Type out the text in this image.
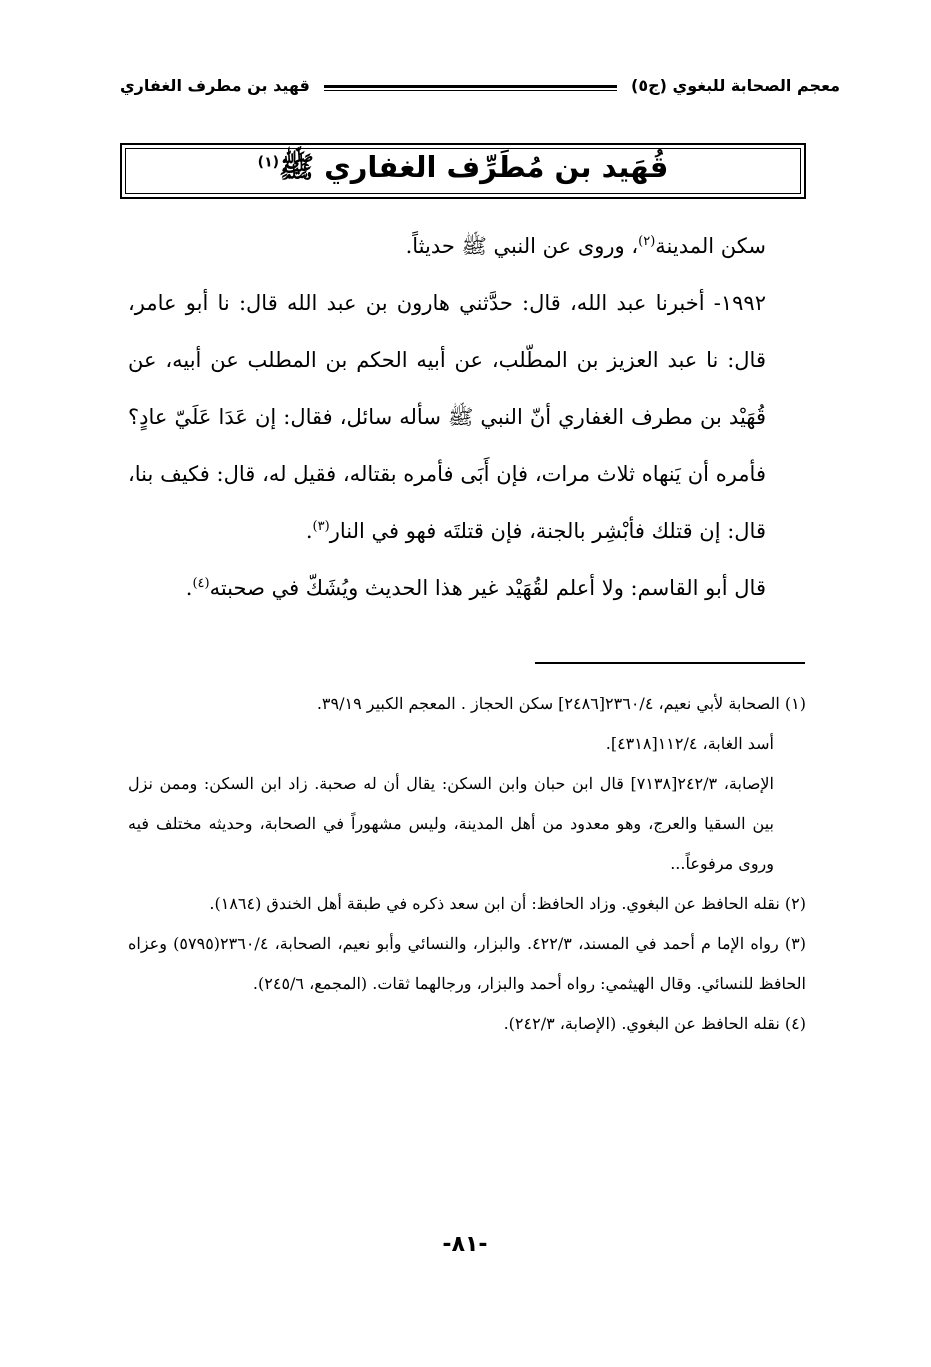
معجم الصحابة للبغوي (ج٥)
قهيد بن مطرف الغفاري
قُهَيد بن مُطَرِّف الغفاري ﷺ$^{(١)}$

سكن المدينة$^{(٢)}$، وروى عن النبي ﷺ حديثاً.

١٩٩٢- أخبرنا عبد الله، قال: حدَّثني هارون بن عبد الله قال: نا أبو عامر، قال: نا عبد العزيز بن المطّلب، عن أبيه الحكم بن المطلب عن أبيه، عن قُهَيْد بن مطرف الغفاري أنّ النبي ﷺ سأله سائل، فقال: إن عَدَا عَلَيّ عادٍ؟ فأمره أن يَنهاه ثلاث مرات، فإن أَبَى فأمره بقتاله، فقيل له، قال: فكيف بنا، قال: إن قتلك فأبْشِر بالجنة، فإن قتلتَه فهو في النار$^{(٣)}$.

قال أبو القاسم: ولا أعلم لقُهَيْد غير هذا الحديث ويُشَكّ في صحبته$^{(٤)}$.

(١) الصحابة لأبي نعيم، ٢٣٦٠/٤[٢٤٨٦] سكن الحجاز . المعجم الكبير ٣٩/١٩.

أسد الغابة، ١١٢/٤[٤٣١٨].

الإصابة، ٢٤٢/٣[٧١٣٨] قال ابن حبان وابن السكن: يقال أن له صحبة. زاد ابن السكن: وممن نزل بين السقيا والعرج، وهو معدود من أهل المدينة، وليس مشهوراً في الصحابة، وحديثه مختلف فيه وروى مرفوعاً...

(٢) نقله الحافظ عن البغوي. وزاد الحافظ: أن ابن سعد ذكره في طبقة أهل الخندق (١٨٦٤).

(٣) رواه الإما م أحمد في المسند، ٤٢٢/٣. والبزار، والنسائي وأبو نعيم، الصحابة، ٢٣٦٠/٤(٥٧٩٥) وعزاه الحافظ للنسائي. وقال الهيثمي: رواه أحمد والبزار، ورجالهما ثقات. (المجمع، ٢٤٥/٦).

(٤) نقله الحافظ عن البغوي. (الإصابة، ٢٤٢/٣).

-٨١-
